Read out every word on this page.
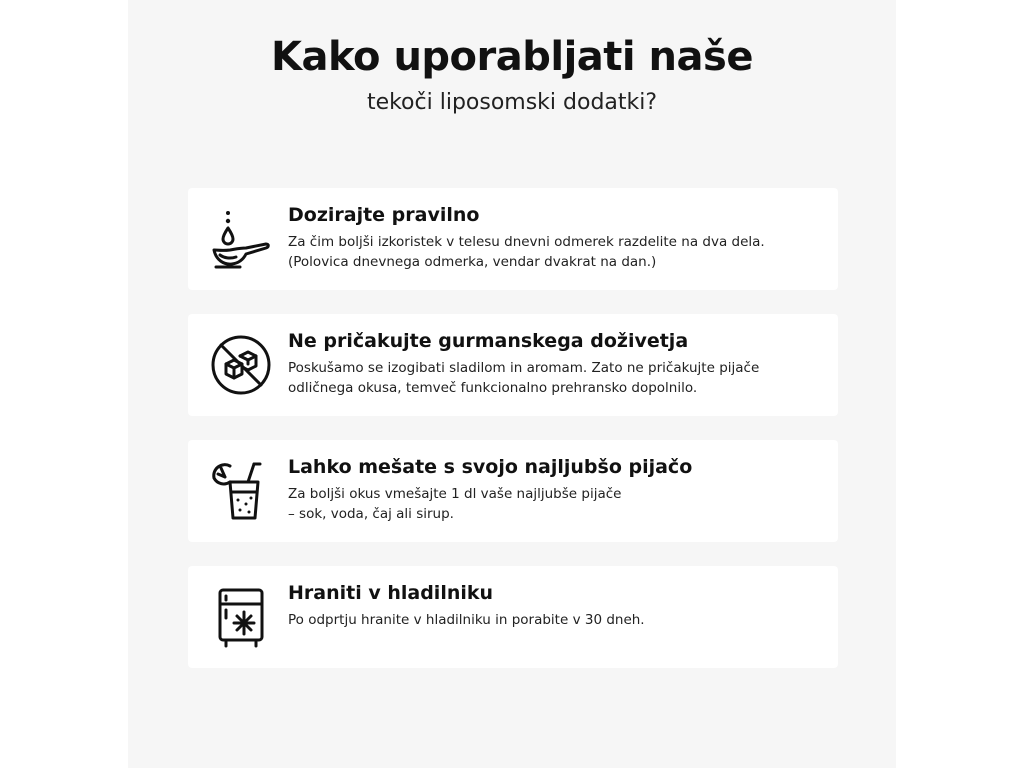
Kako uporabljati naše
tekoči liposomski dodatki?
Dozirajte pravilno
Za čim boljši izkoristek v telesu dnevni odmerek razdelite na dva dela.
(Polovica dnevnega odmerka, vendar dvakrat na dan.)
Ne pričakujte gurmanskega doživetja
Poskušamo se izogibati sladilom in aromam. Zato ne pričakujte pijače
odličnega okusa, temveč funkcionalno prehransko dopolnilo.
Lahko mešate s svojo najljubšo pijačo
Za boljši okus vmešajte 1 dl vaše najljubše pijače
– sok, voda, čaj ali sirup.
Hraniti v hladilniku
Po odprtju hranite v hladilniku in porabite v 30 dneh.
